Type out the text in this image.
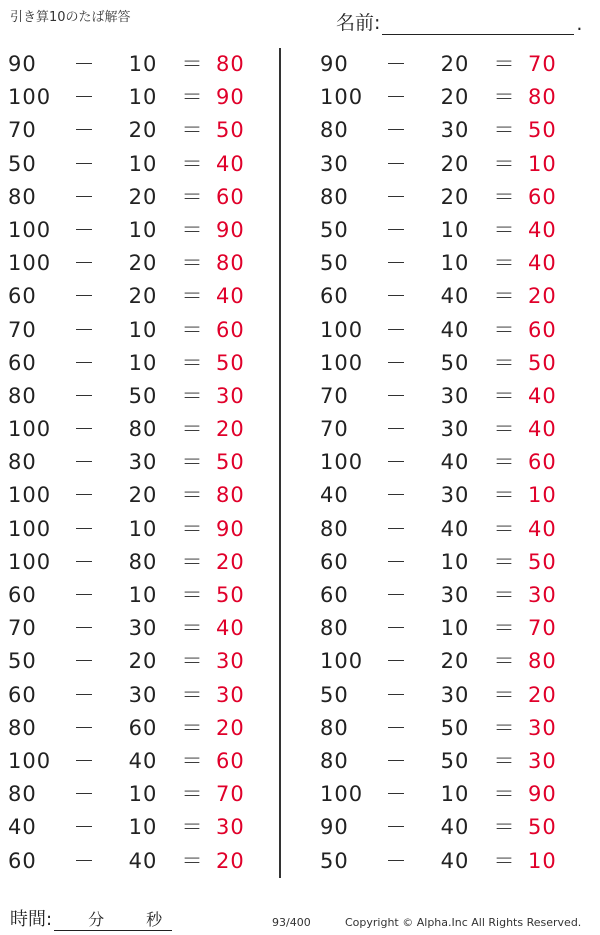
引き算10のたば解答	名前:	.
90	－	10	＝ 80
100	－	10	＝ 90
70	－	20	＝ 50
50	－	10	＝ 40
80	－	20	＝ 60
100	－	10	＝ 90
100	－	20	＝ 80
60	－	20	＝ 40
70	－	10	＝ 60
60	－	10	＝ 50
80	－	50	＝ 30
100	－	80	＝ 20
80	－	30	＝ 50
100	－	20	＝ 80
100	－	10	＝ 90
100	－	80	＝ 20
60	－	10	＝ 50
70	－	30	＝ 40
50	－	20	＝ 30
60	－	30	＝ 30
80	－	60	＝ 20
100	－	40	＝ 60
80	－	10	＝ 70
40	－	10	＝ 30
60	－	40	＝ 20
90	－	20	＝ 70
100	－	20	＝ 80
80	－	30	＝ 50
30	－	20	＝ 10
80	－	20	＝ 60
50	－	10	＝ 40
50	－	10	＝ 40
60	－	40	＝ 20
100	－	40	＝ 60
100	－	50	＝ 50
70	－	30	＝ 40
70	－	30	＝ 40
100	－	40	＝ 60
40	－	30	＝ 10
80	－	40	＝ 40
60	－	10	＝ 50
60	－	30	＝ 30
80	－	10	＝ 70
100	－	20	＝ 80
50	－	30	＝ 20
80	－	50	＝ 30
80	－	50	＝ 30
100	－	10	＝ 90
90	－	40	＝ 50
50	－	40	＝ 10
時間: 分	秒	93/400	Copyright © Alpha.Inc All Rights Reserved.
